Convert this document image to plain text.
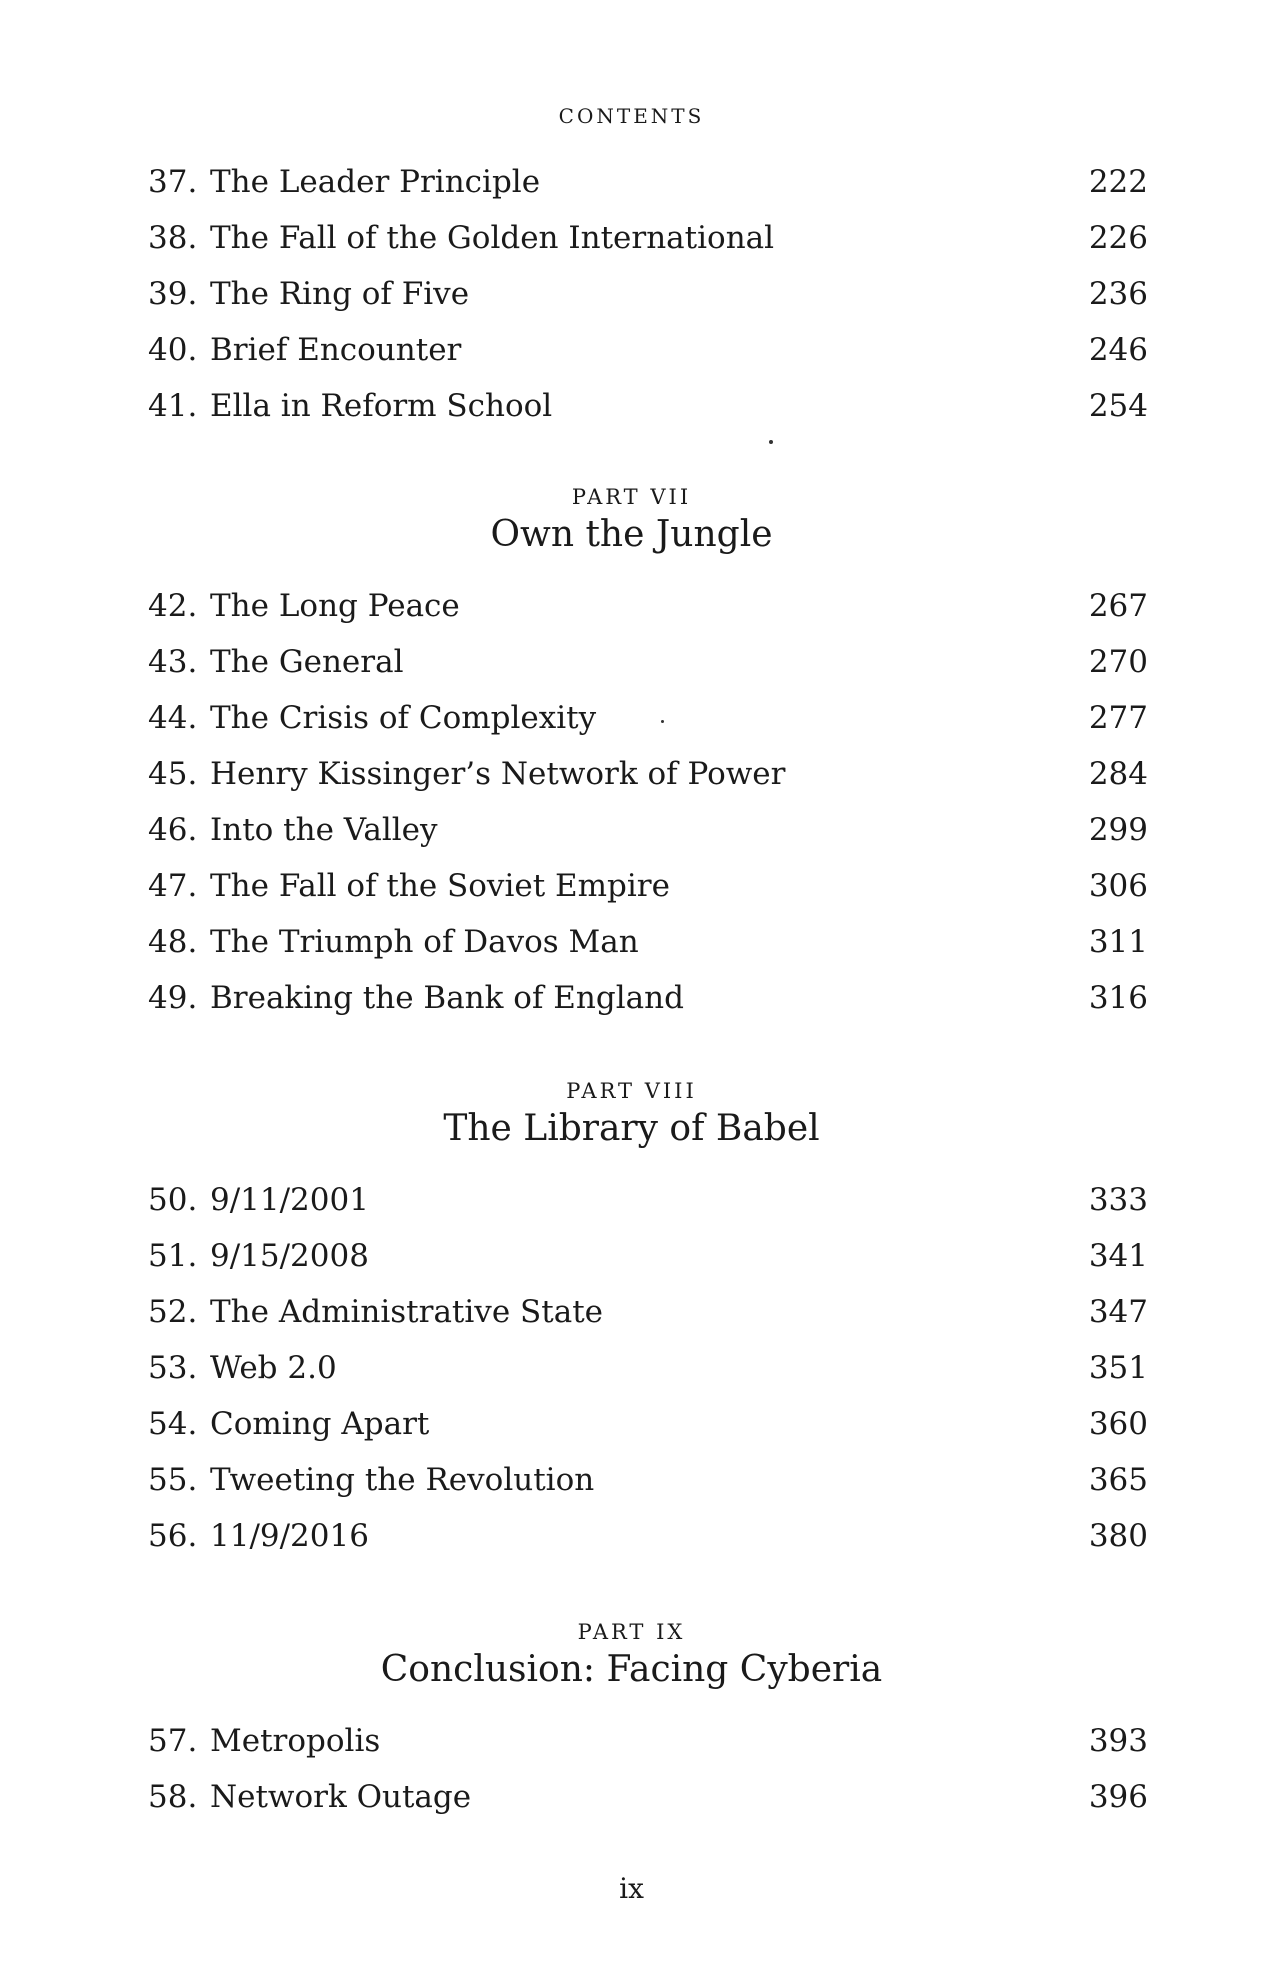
CONTENTS
37. The Leader Principle	222
38. The Fall of the Golden International	226
39. The Ring of Five	236
40. Brief Encounter	246
41. Ella in Reform School	254
PART VII
Own the Jungle
42. The Long Peace	267
43. The General	270
44. The Crisis of Complexity	277
45. Henry Kissinger’s Network of Power	284
46. Into the Valley	299
47. The Fall of the Soviet Empire	306
48. The Triumph of Davos Man	311
49. Breaking the Bank of England	316
PART VIII
The Library of Babel
50. 9/11/2001	333
51. 9/15/2008	341
52. The Administrative State	347
53. Web 2.0	351
54. Coming Apart	360
55. Tweeting the Revolution	365
56. 11/9/2016	380
PART IX
Conclusion: Facing Cyberia
57. Metropolis	393
58. Network Outage	396
ix
